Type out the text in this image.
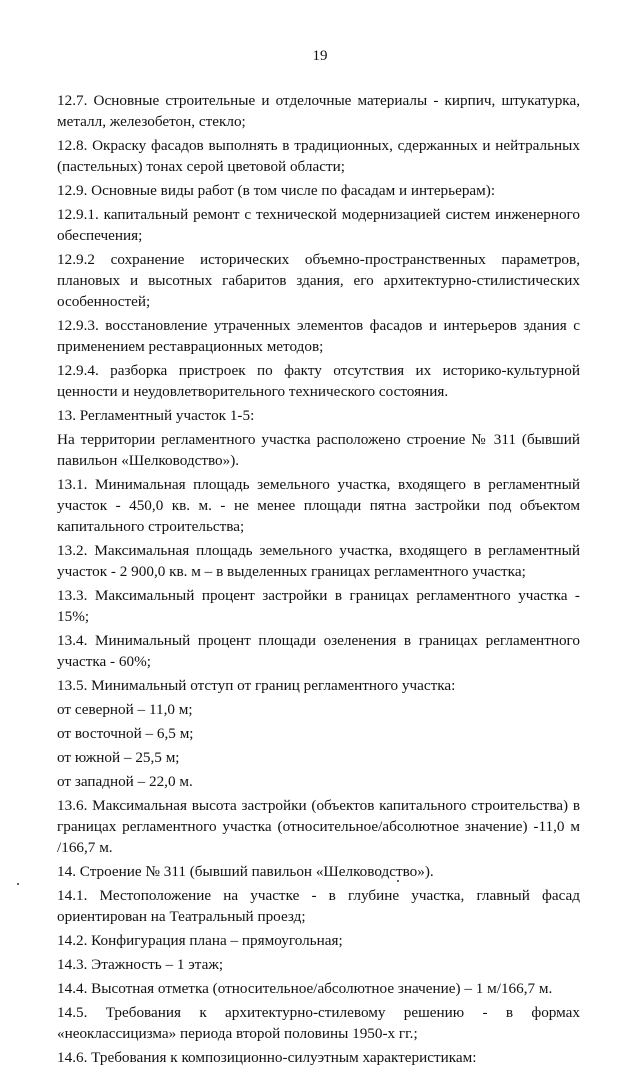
19

12.7. Основные строительные и отделочные материалы - кирпич, штукатурка, металл, железобетон, стекло;

12.8. Окраску фасадов выполнять в традиционных, сдержанных и нейтральных (пастельных) тонах серой цветовой области;

12.9. Основные виды работ (в том числе по фасадам и интерьерам):

12.9.1. капитальный ремонт с технической модернизацией систем инженерного обеспечения;

12.9.2 сохранение исторических объемно-пространственных параметров, плановых и высотных габаритов здания, его архитектурно-стилистических особенностей;

12.9.3. восстановление утраченных элементов фасадов и интерьеров здания с применением реставрационных методов;

12.9.4. разборка пристроек по факту отсутствия их историко-культурной ценности и неудовлетворительного технического состояния.

13. Регламентный участок 1-5:

На территории регламентного участка расположено строение № 311 (бывший павильон «Шелководство»).

13.1. Минимальная площадь земельного участка, входящего в регламентный участок - 450,0 кв. м. - не менее площади пятна застройки под объектом капитального строительства;

13.2. Максимальная площадь земельного участка, входящего в регламентный участок - 2 900,0 кв. м – в выделенных границах регламентного участка;

13.3. Максимальный процент застройки в границах регламентного участка - 15%;

13.4. Минимальный процент площади озеленения в границах регламентного участка - 60%;

13.5. Минимальный отступ от границ регламентного участка:

от северной – 11,0 м;

от восточной – 6,5 м;

от южной – 25,5 м;

от западной – 22,0 м.

13.6. Максимальная высота застройки (объектов капитального строительства) в границах регламентного участка (относительное/абсолютное значение) -11,0 м /166,7 м.

14. Строение № 311 (бывший павильон «Шелководство»).

14.1. Местоположение на участке - в глубине участка, главный фасад ориентирован на Театральный проезд;

14.2. Конфигурация плана – прямоугольная;

14.3. Этажность – 1 этаж;

14.4. Высотная отметка (относительное/абсолютное значение) – 1 м/166,7 м.

14.5. Требования к архитектурно-стилевому решению - в формах «неоклассицизма» периода второй половины 1950-х гг.;

14.6. Требования к композиционно-силуэтным характеристикам:
